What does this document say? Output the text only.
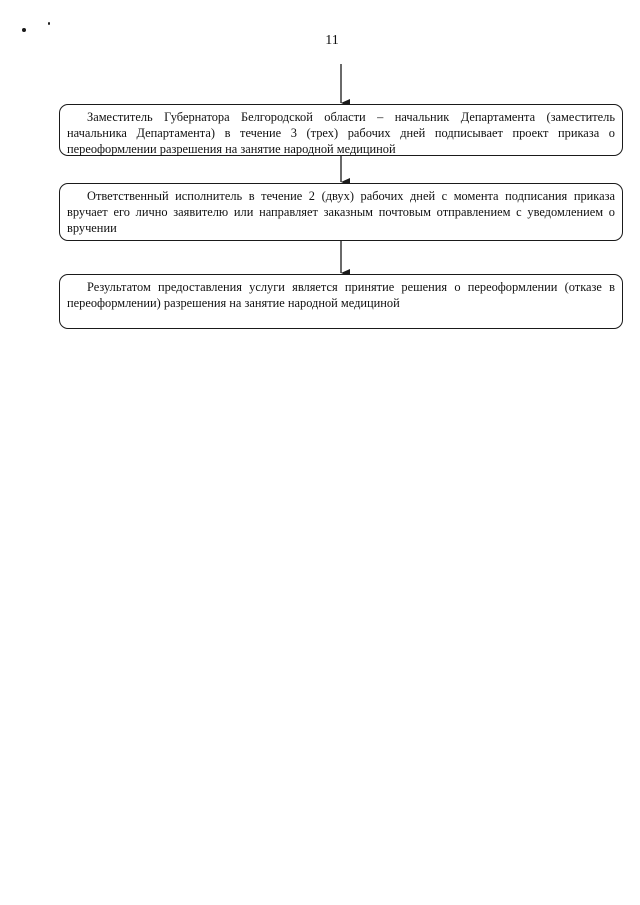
11
Заместитель Губернатора Белгородской области – начальник Департамента (заместитель начальника Департамента) в течение 3 (трех) рабочих дней подписывает проект приказа о переоформлении разрешения на занятие народной медициной
Ответственный исполнитель в течение 2 (двух) рабочих дней с момента подписания приказа вручает его лично заявителю или направляет заказным почтовым отправлением с уведомлением о вручении
Результатом предоставления услуги является принятие решения о переоформлении (отказе в переоформлении) разрешения на занятие народной медициной
